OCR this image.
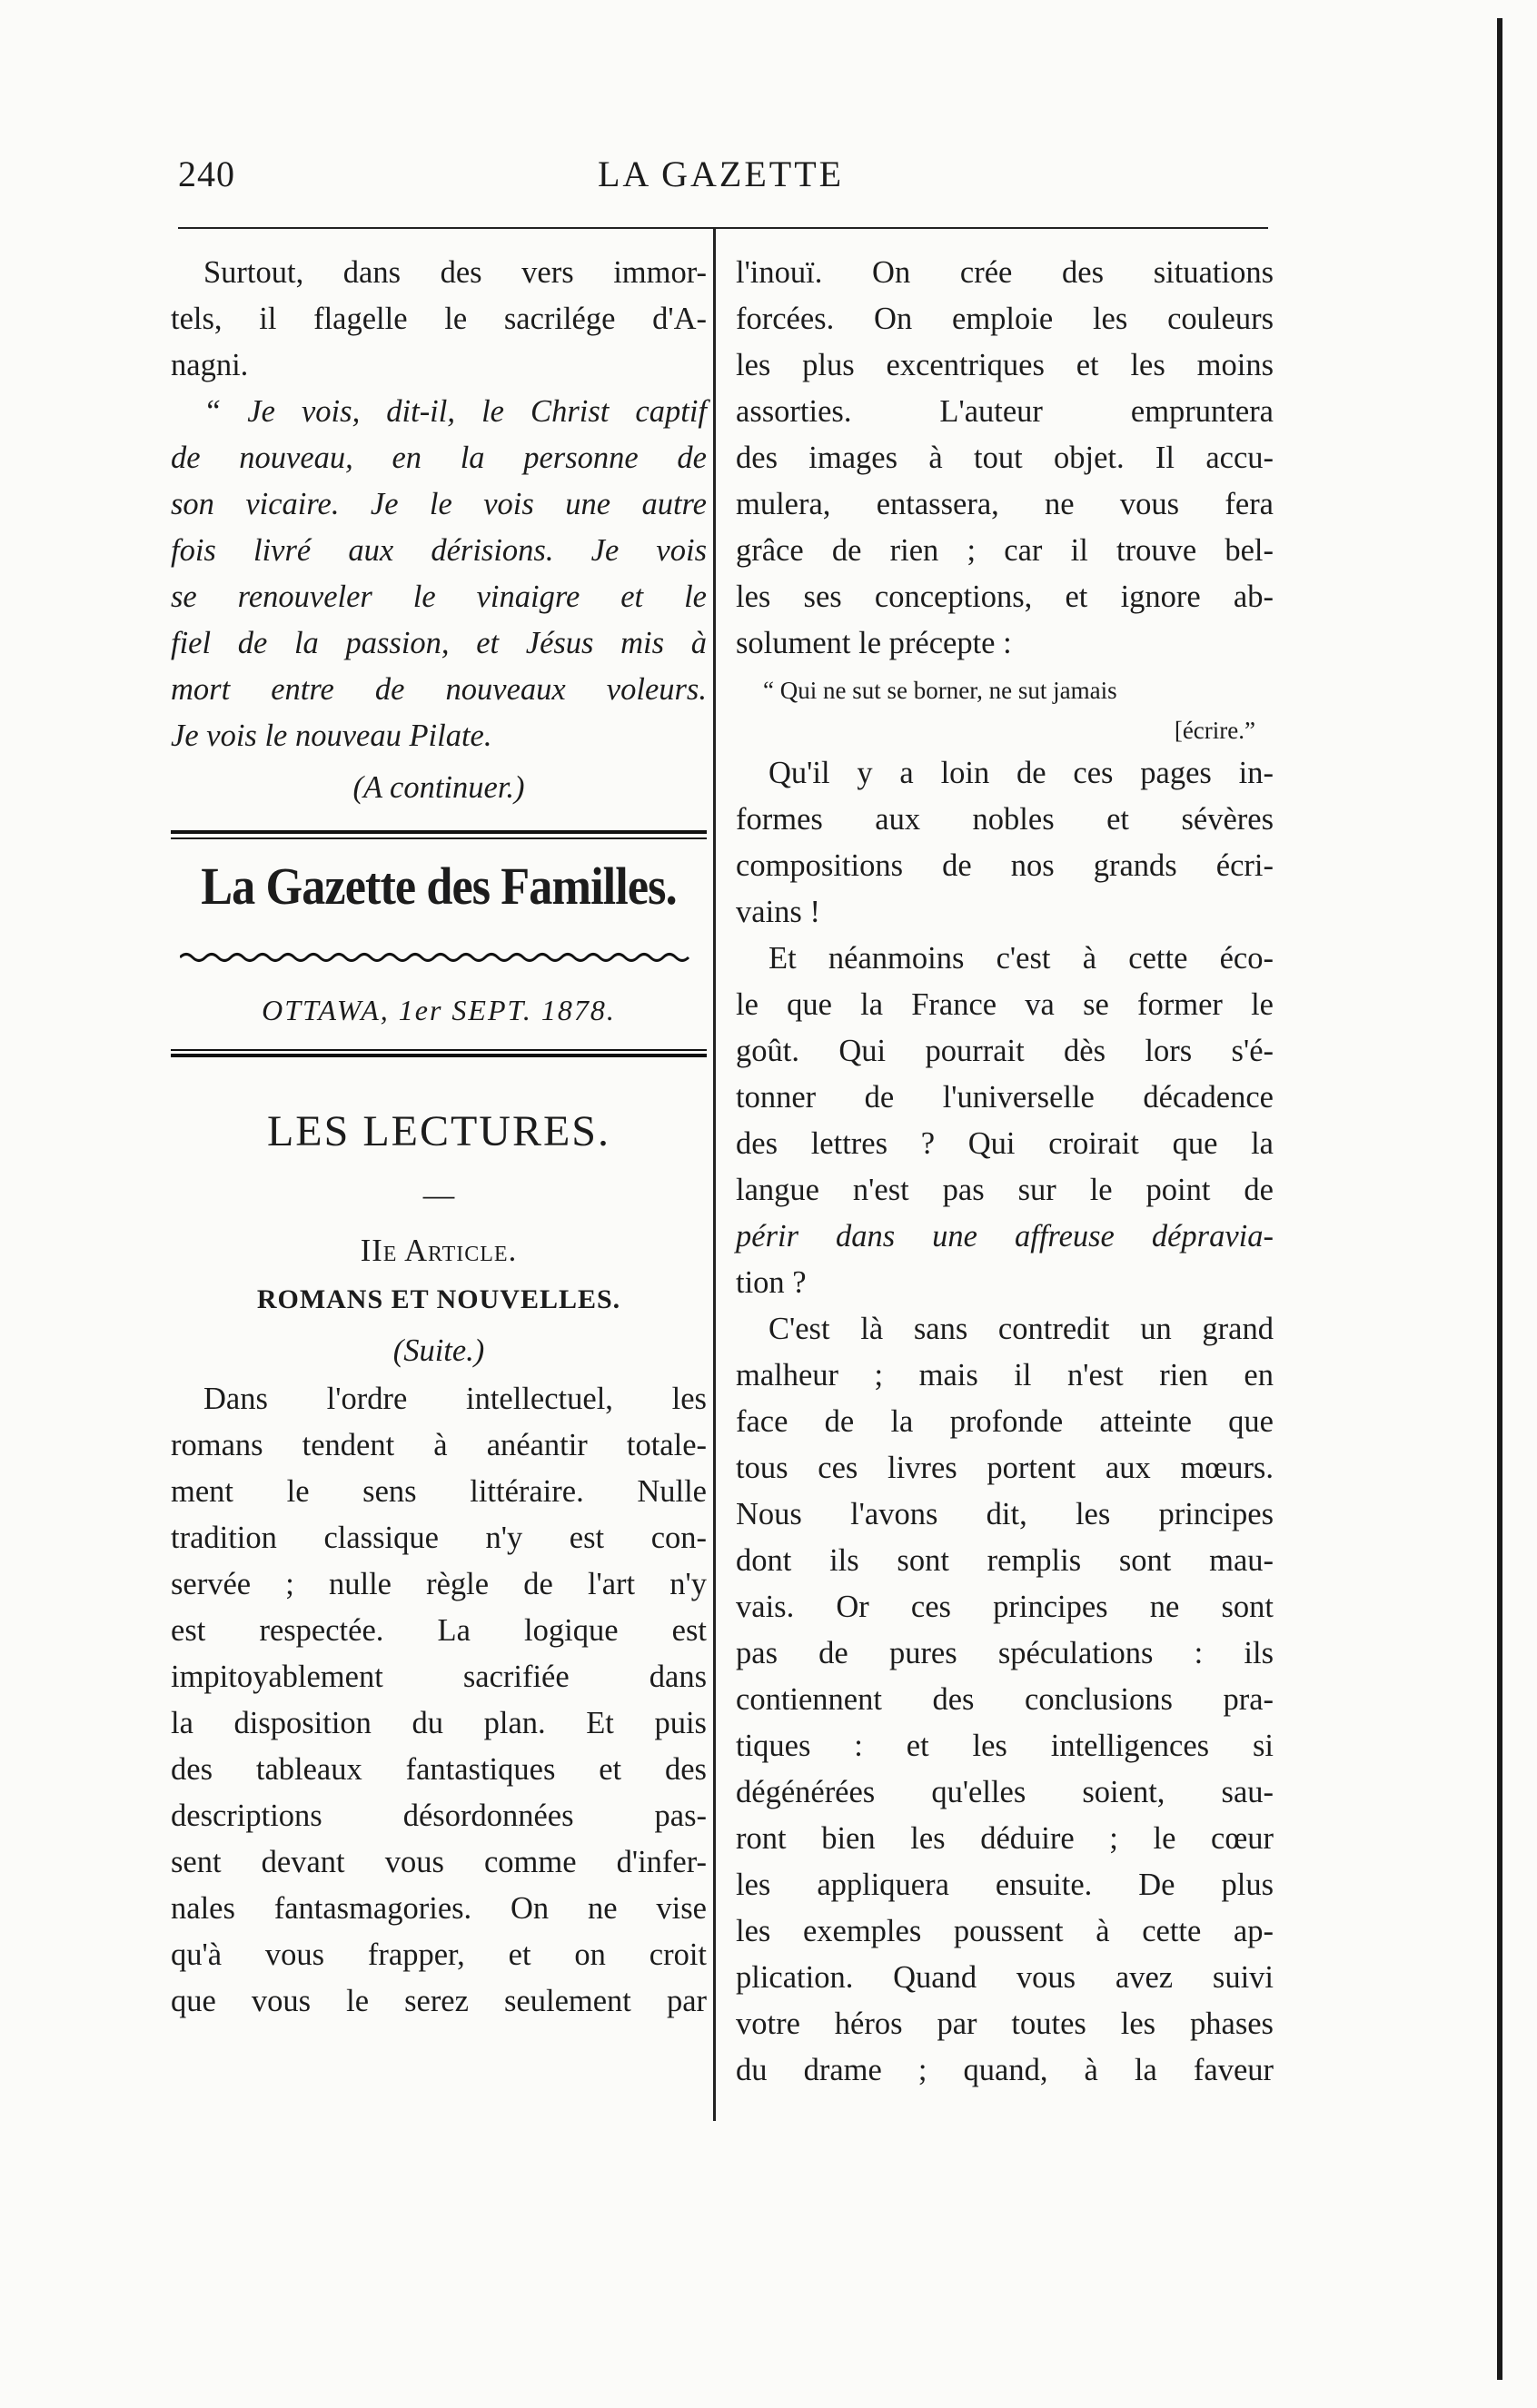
240	LA GAZETTE
Surtout, dans des vers immor-
tels, il flagelle le sacrilége d'A-
nagni.
“ Je vois, dit-il, le Christ captif
de nouveau, en la personne de
son vicaire. Je le vois une autre
fois livré aux dérisions. Je vois
se renouveler le vinaigre et le
fiel de la passion, et Jésus mis à
mort entre de nouveaux voleurs.
Je vois le nouveau Pilate.
(A continuer.)
La Gazette des Familles.
OTTAWA, 1er SEPT. 1878.
LES LECTURES.
—
IIe Article.
ROMANS ET NOUVELLES.
(Suite.)
Dans l'ordre intellectuel, les
romans tendent à anéantir totale-
ment le sens littéraire. Nulle
tradition classique n'y est con-
servée ; nulle règle de l'art n'y
est respectée. La logique est
impitoyablement sacrifiée dans
la disposition du plan. Et puis
des tableaux fantastiques et des
descriptions désordonnées pas-
sent devant vous comme d'infer-
nales fantasmagories. On ne vise
qu'à vous frapper, et on croit
que vous le serez seulement par
l'inouï. On crée des situations
forcées. On emploie les couleurs
les plus excentriques et les moins
assorties. L'auteur empruntera
des images à tout objet. Il accu-
mulera, entassera, ne vous fera
grâce de rien ; car il trouve bel-
les ses conceptions, et ignore ab-
solument le précepte :
“ Qui ne sut se borner, ne sut jamais
[écrire.”
Qu'il y a loin de ces pages in-
formes aux nobles et sévères
compositions de nos grands écri-
vains !
Et néanmoins c'est à cette éco-
le que la France va se former le
goût. Qui pourrait dès lors s'é-
tonner de l'universelle décadence
des lettres ? Qui croirait que la
langue n'est pas sur le point de
périr dans une affreuse dépravia-
tion ?
C'est là sans contredit un grand
malheur ; mais il n'est rien en
face de la profonde atteinte que
tous ces livres portent aux mœurs.
Nous l'avons dit, les principes
dont ils sont remplis sont mau-
vais. Or ces principes ne sont
pas de pures spéculations : ils
contiennent des conclusions pra-
tiques : et les intelligences si
dégénérées qu'elles soient, sau-
ront bien les déduire ; le cœur
les appliquera ensuite. De plus
les exemples poussent à cette ap-
plication. Quand vous avez suivi
votre héros par toutes les phases
du drame ; quand, à la faveur
